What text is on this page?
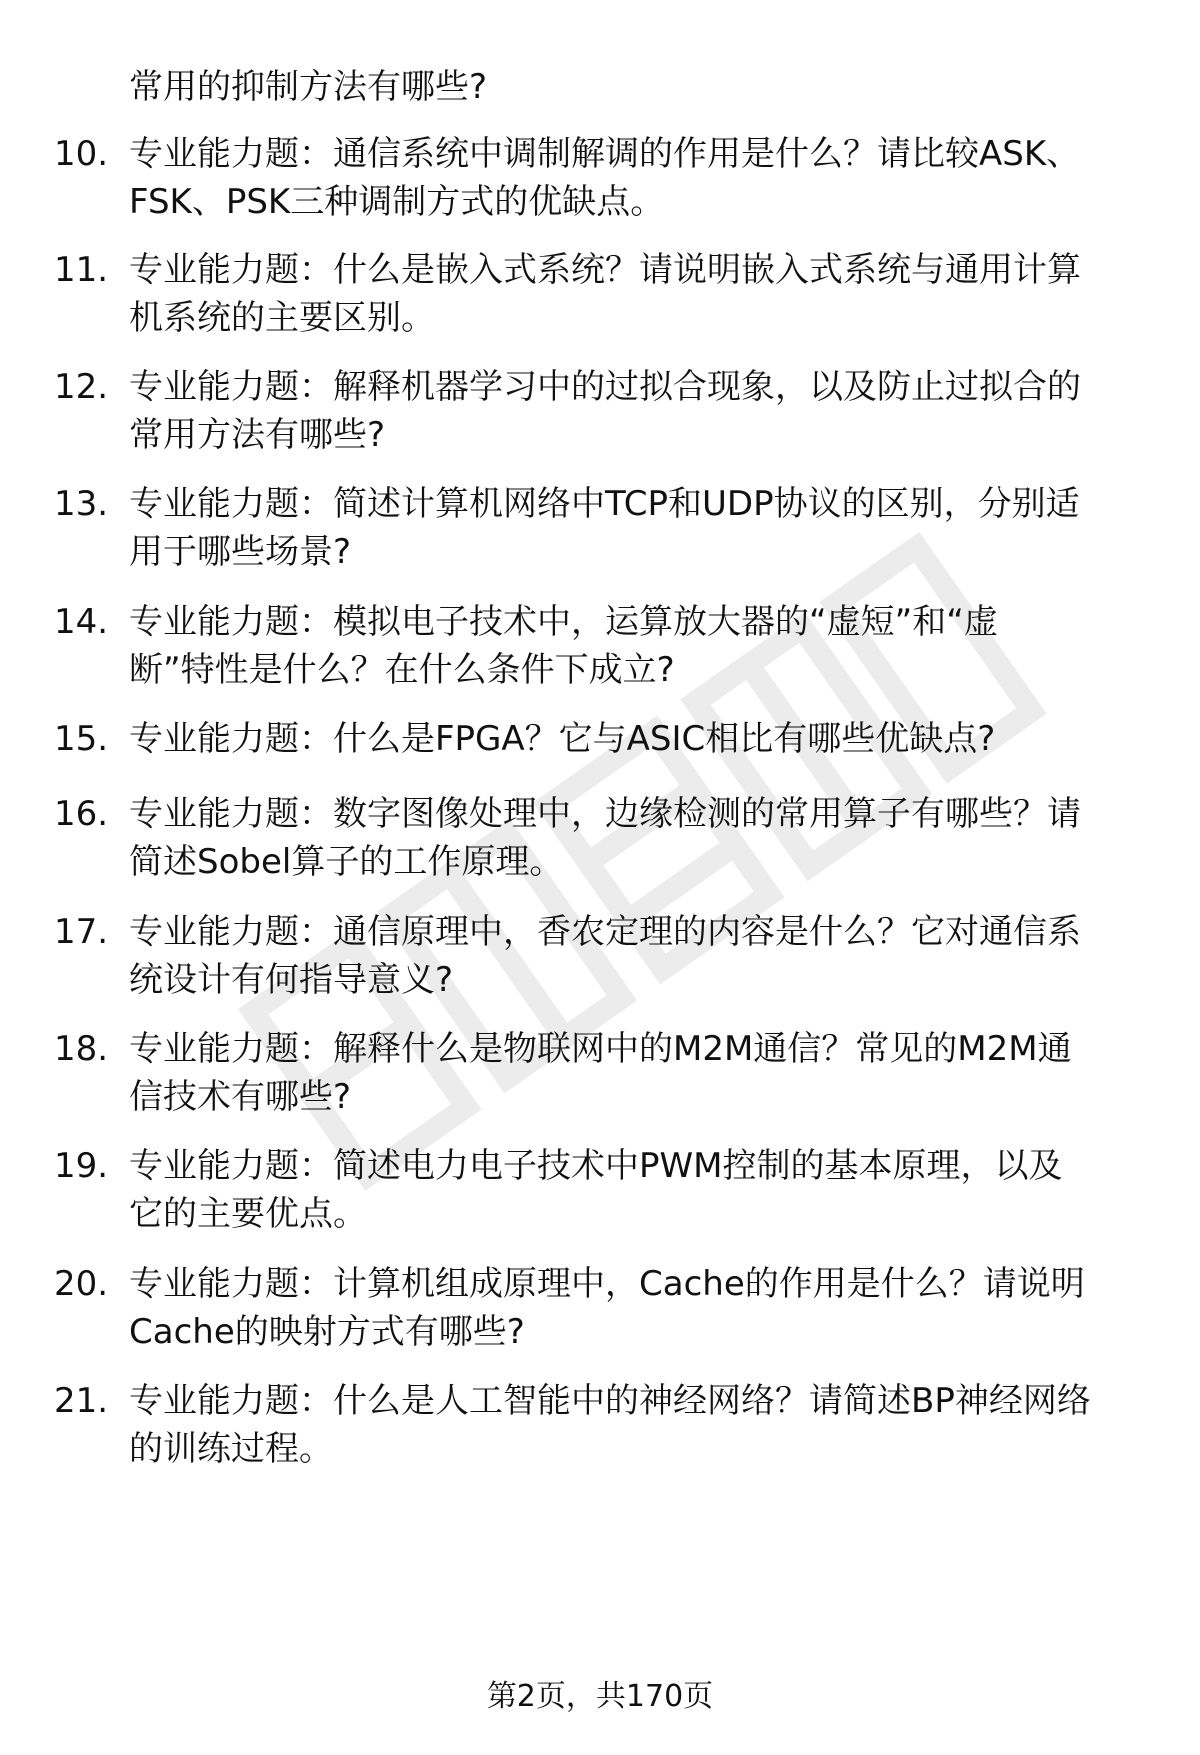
常用的抑制方法有哪些?
10. 专业能力题：通信系统中调制解调的作用是什么？请比较ASK、
FSK、PSK三种调制方式的优缺点。
11. 专业能力题：什么是嵌入式系统？请说明嵌入式系统与通用计算
机系统的主要区别。
12. 专业能力题：解释机器学习中的过拟合现象，以及防止过拟合的
常用方法有哪些?
13. 专业能力题：简述计算机网络中TCP和UDP协议的区别，分别适
用于哪些场景?
14. 专业能力题：模拟电子技术中，运算放大器的“虚短”和“虚
断”特性是什么？在什么条件下成立?
15. 专业能力题：什么是FPGA？它与ASIC相比有哪些优缺点?
16. 专业能力题：数字图像处理中，边缘检测的常用算子有哪些？请
简述Sobel算子的工作原理。
17. 专业能力题：通信原理中，香农定理的内容是什么？它对通信系
统设计有何指导意义?
18. 专业能力题：解释什么是物联网中的M2M通信？常见的M2M通
信技术有哪些?
19. 专业能力题：简述电力电子技术中PWM控制的基本原理，以及
它的主要优点。
20. 专业能力题：计算机组成原理中，Cache的作用是什么？请说明
Cache的映射方式有哪些?
21. 专业能力题：什么是人工智能中的神经网络？请简述BP神经网络
的训练过程。
第2页，共170页
